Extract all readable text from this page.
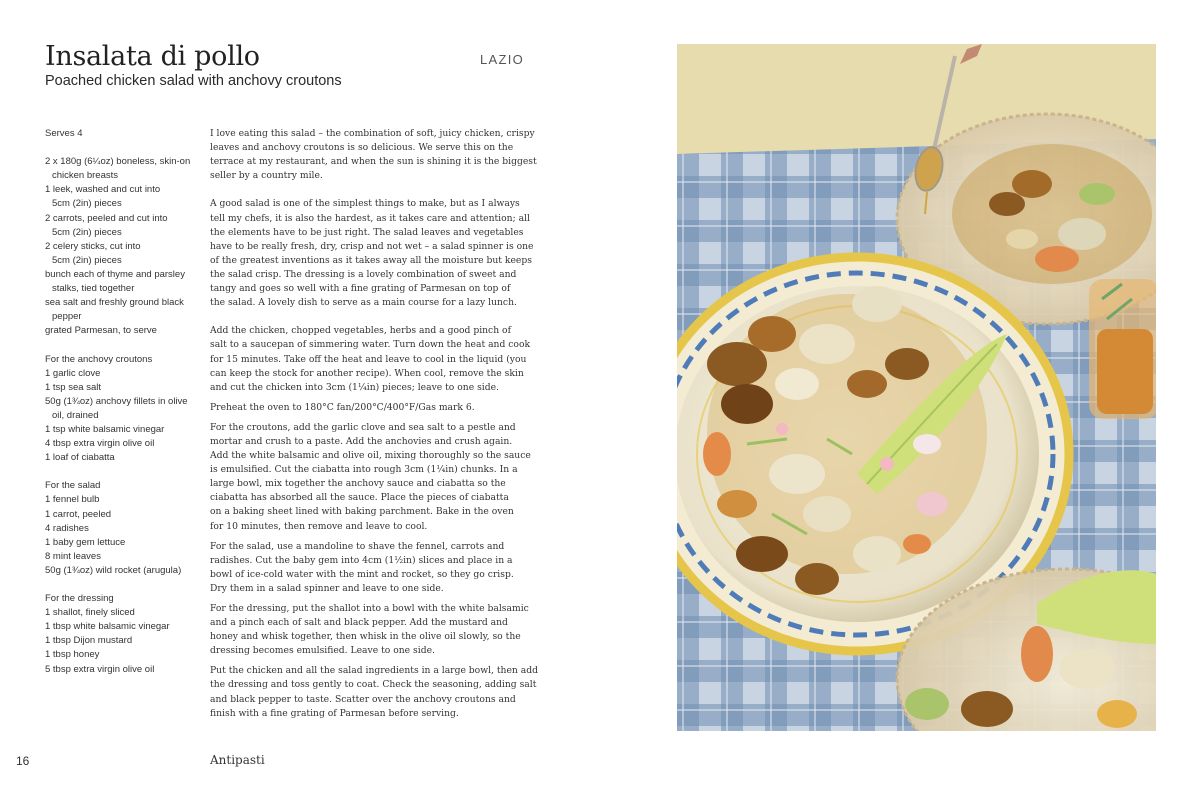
Insalata di pollo	LAZIO
Poached chicken salad with anchovy croutons
Serves 4
2 x 180g (6¼oz) boneless, skin-on
chicken breasts
1 leek, washed and cut into
5cm (2in) pieces
2 carrots, peeled and cut into
5cm (2in) pieces
2 celery sticks, cut into
5cm (2in) pieces
bunch each of thyme and parsley
stalks, tied together
sea salt and freshly ground black
pepper
grated Parmesan, to serve
For the anchovy croutons
1 garlic clove
1 tsp sea salt
50g (1¾oz) anchovy fillets in olive
oil, drained
1 tsp white balsamic vinegar
4 tbsp extra virgin olive oil
1 loaf of ciabatta
For the salad
1 fennel bulb
1 carrot, peeled
4 radishes
1 baby gem lettuce
8 mint leaves
50g (1¾oz) wild rocket (arugula)
For the dressing
1 shallot, finely sliced
1 tbsp white balsamic vinegar
1 tbsp Dijon mustard
1 tbsp honey
5 tbsp extra virgin olive oil
I love eating this salad – the combination of soft, juicy chicken, crispy
leaves and anchovy croutons is so delicious. We serve this on the
terrace at my restaurant, and when the sun is shining it is the biggest
seller by a country mile.
A good salad is one of the simplest things to make, but as I always
tell my chefs, it is also the hardest, as it takes care and attention; all
the elements have to be just right. The salad leaves and vegetables
have to be really fresh, dry, crisp and not wet – a salad spinner is one
of the greatest inventions as it takes away all the moisture but keeps
the salad crisp. The dressing is a lovely combination of sweet and
tangy and goes so well with a fine grating of Parmesan on top of
the salad. A lovely dish to serve as a main course for a lazy lunch.
Add the chicken, chopped vegetables, herbs and a good pinch of
salt to a saucepan of simmering water. Turn down the heat and cook
for 15 minutes. Take off the heat and leave to cool in the liquid (you
can keep the stock for another recipe). When cool, remove the skin
and cut the chicken into 3cm (1¼in) pieces; leave to one side.
Preheat the oven to 180°C fan/200°C/400°F/Gas mark 6.
For the croutons, add the garlic clove and sea salt to a pestle and
mortar and crush to a paste. Add the anchovies and crush again.
Add the white balsamic and olive oil, mixing thoroughly so the sauce
is emulsified. Cut the ciabatta into rough 3cm (1¼in) chunks. In a
large bowl, mix together the anchovy sauce and ciabatta so the
ciabatta has absorbed all the sauce. Place the pieces of ciabatta
on a baking sheet lined with baking parchment. Bake in the oven
for 10 minutes, then remove and leave to cool.
For the salad, use a mandoline to shave the fennel, carrots and
radishes. Cut the baby gem into 4cm (1½in) slices and place in a
bowl of ice-cold water with the mint and rocket, so they go crisp.
Dry them in a salad spinner and leave to one side.
For the dressing, put the shallot into a bowl with the white balsamic
and a pinch each of salt and black pepper. Add the mustard and
honey and whisk together, then whisk in the olive oil slowly, so the
dressing becomes emulsified. Leave to one side.
Put the chicken and all the salad ingredients in a large bowl, then add
the dressing and toss gently to coat. Check the seasoning, adding salt
and black pepper to taste. Scatter over the anchovy croutons and
finish with a fine grating of Parmesan before serving.
16	Antipasti
